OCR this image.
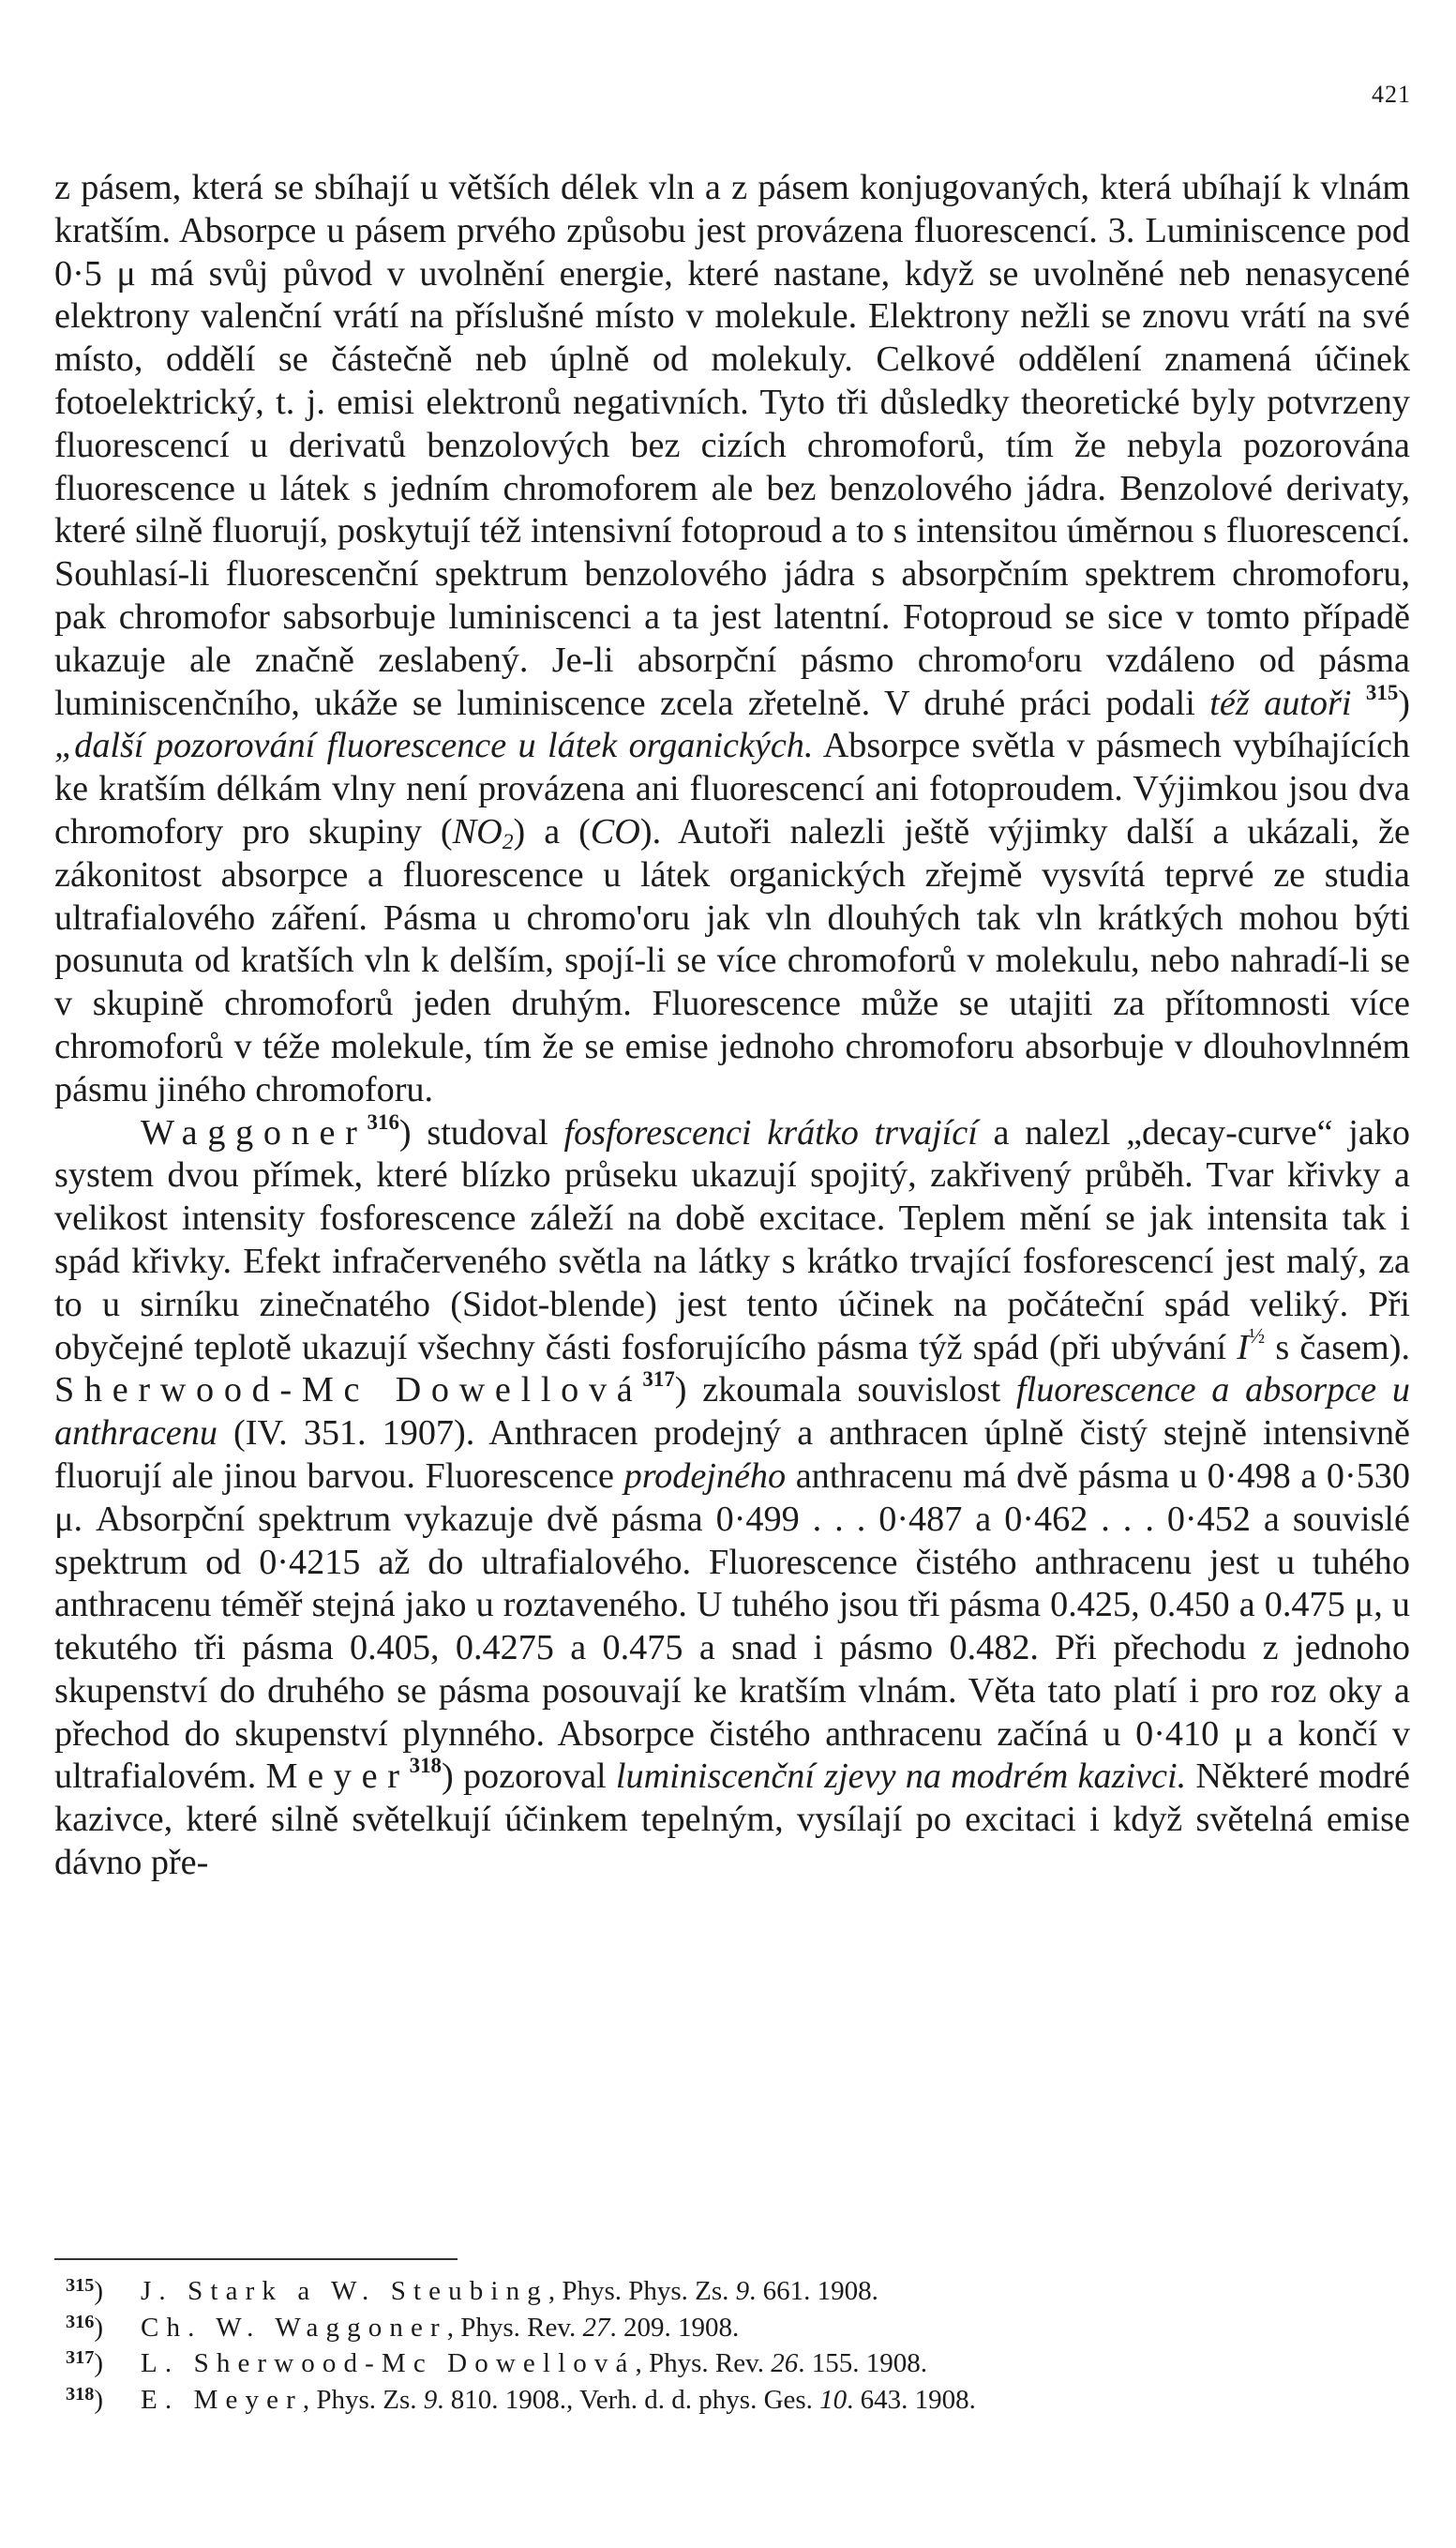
421

z pásem, která se sbíhají u větších délek vln a z pásem konjugovaných, která ubíhají k vlnám kratším. Absorpce u pásem prvého způsobu jest provázena fluorescencí. 3. Luminiscence pod 0·5 μ má svůj původ v uvolnění energie, které nastane, když se uvolněné neb nenasycené elektrony valenční vrátí na příslušné místo v molekule. Elektrony nežli se znovu vrátí na své místo, oddělí se částečně neb úplně od molekuly. Celkové oddělení znamená účinek fotoelektrický, t. j. emisi elektronů negativních. Tyto tři důsledky theoretické byly potvrzeny fluorescencí u derivatů benzolových bez cizích chromoforů, tím že nebyla pozorována fluorescence u látek s jedním chromoforem ale bez benzolového jádra. Benzolové derivaty, které silně fluorují, poskytují též intensivní fotoproud a to s intensitou úměrnou s fluorescencí. Souhlasí-li fluorescenční spektrum benzolového jádra s absorpčním spektrem chromoforu, pak chromofor sabsorbuje luminiscenci a ta jest latentní. Fotoproud se sice v tomto případě ukazuje ale značně zeslabený. Je-li absorpční pásmo chromoᶠoru vzdáleno od pásma luminiscenčního, ukáže se luminiscence zcela zřetelně. V druhé práci podali též autoři $^{315}$) „další pozorování fluorescence u látek organických. Absorpce světla v pásmech vybíhajících ke kratším délkám vlny není provázena ani fluorescencí ani fotoproudem. Výjimkou jsou dva chromofory pro skupiny $(NO_2)$ a (CO). Autoři nalezli ještě výjimky další a ukázali, že zákonitost absorpce a fluorescence u látek organických zřejmě vysvítá teprvé ze studia ultrafialového záření. Pásma u chromo'oru jak vln dlouhých tak vln krátkých mohou býti posunuta od kratších vln k delším, spojí-li se více chromoforů v molekulu, nebo nahradí-li se v skupině chromoforů jeden druhým. Fluorescence může se utajiti za přítomnosti více chromoforů v téže molekule, tím že se emise jednoho chromoforu absorbuje v dlouhovlnném pásmu jiného chromoforu.

Waggoner$^{316}$) studoval fosforescenci krátko trvající a nalezl „decay-curve“ jako system dvou přímek, které blízko průseku ukazují spojitý, zakřivený průběh. Tvar křivky a velikost intensity fosforescence záleží na době excitace. Teplem mění se jak intensita tak i spád křivky. Efekt infračerveného světla na látky s krátko trvající fosforescencí jest malý, za to u sirníku zinečnatého (Sidot-blende) jest tento účinek na počáteční spád veliký. Při obyčejné teplotě ukazují všechny části fosforujícího pásma týž spád (při ubývání $I^{\frac{1}{2}}$ s časem). Sherwood-Mc Dowellová$^{317}$) zkoumala souvislost fluorescence a absorpce u anthracenu (IV. 351. 1907). Anthracen prodejný a anthracen úplně čistý stejně intensivně fluorují ale jinou barvou. Fluorescence prodejného anthracenu má dvě pásma u 0·498 a 0·530 μ. Absorpční spektrum vykazuje dvě pásma 0·499 . . . 0·487 a 0·462 . . . 0·452 a souvislé spektrum od 0·4215 až do ultrafialového. Fluorescence čistého anthracenu jest u tuhého anthracenu téměř stejná jako u roztaveného. U tuhého jsou tři pásma 0.425, 0.450 a 0.475 μ, u tekutého tři pásma 0.405, 0.4275 a 0.475 a snad i pásmo 0.482. Při přechodu z jednoho skupenství do druhého se pásma posouvají ke kratším vlnám. Věta tato platí i pro roz oky a přechod do skupenství plynného. Absorpce čistého anthracenu začíná u 0·410 μ a končí v ultrafialovém. Meyer$^{318}$) pozoroval luminiscenční zjevy na modrém kazivci. Některé modré kazivce, které silně světelkují účinkem tepelným, vysílají po excitaci i když světelná emise dávno pře-

$^{315}$) J. Stark a W. Steubing, Phys. Phys. Zs. 9. 661. 1908.
$^{316}$) Ch. W. Waggoner, Phys. Rev. 27. 209. 1908.
$^{317}$) L. Sherwood-Mc Dowellová, Phys. Rev. 26. 155. 1908.
$^{318}$) E. Meyer, Phys. Zs. 9. 810. 1908., Verh. d. d. phys. Ges. 10. 643. 1908.
